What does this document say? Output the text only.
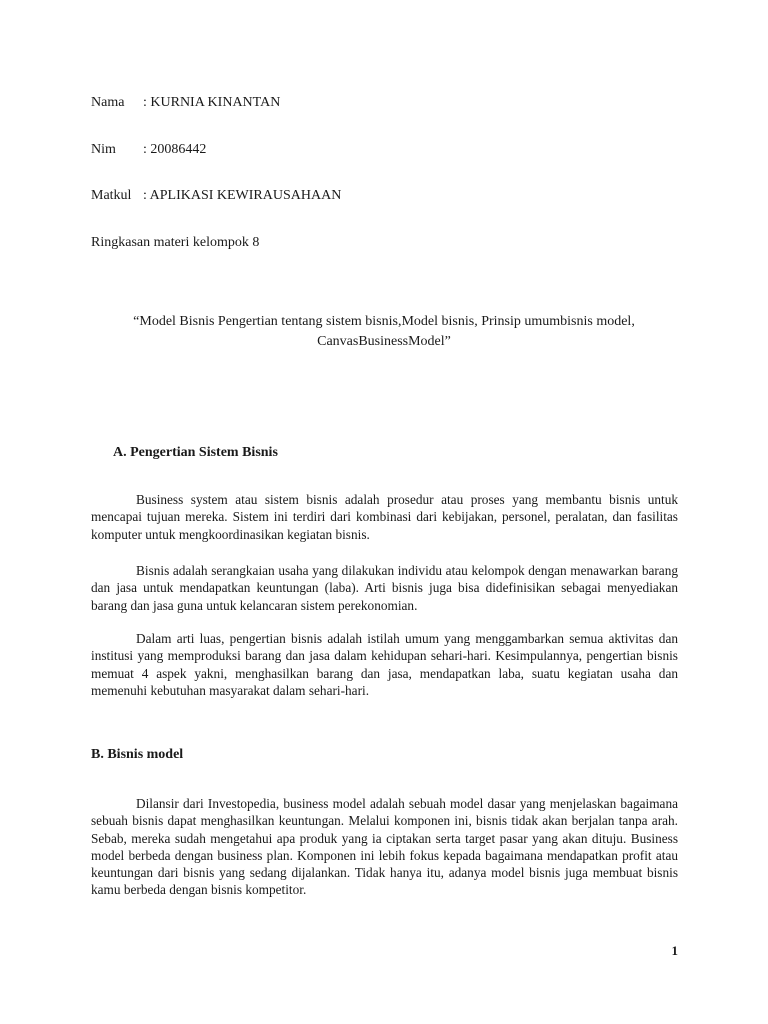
Nama : KURNIA KINANTAN
Nim : 20086442
Matkul : APLIKASI KEWIRAUSAHAAN
Ringkasan materi kelompok 8
“Model Bisnis Pengertian tentang sistem bisnis,Model bisnis, Prinsip umumbisnis model,
CanvasBusinessModel”
A. Pengertian Sistem Bisnis

Business system atau sistem bisnis adalah prosedur atau proses yang membantu bisnis untuk mencapai tujuan mereka. Sistem ini terdiri dari kombinasi dari kebijakan, personel, peralatan, dan fasilitas komputer untuk mengkoordinasikan kegiatan bisnis.

Bisnis adalah serangkaian usaha yang dilakukan individu atau kelompok dengan menawarkan barang dan jasa untuk mendapatkan keuntungan (laba). Arti bisnis juga bisa didefinisikan sebagai menyediakan barang dan jasa guna untuk kelancaran sistem perekonomian.

Dalam arti luas, pengertian bisnis adalah istilah umum yang menggambarkan semua aktivitas dan institusi yang memproduksi barang dan jasa dalam kehidupan sehari-hari. Kesimpulannya, pengertian bisnis memuat 4 aspek yakni, menghasilkan barang dan jasa, mendapatkan laba, suatu kegiatan usaha dan memenuhi kebutuhan masyarakat dalam sehari-hari.

B. Bisnis model

Dilansir dari Investopedia, business model adalah sebuah model dasar yang menjelaskan bagaimana sebuah bisnis dapat menghasilkan keuntungan. Melalui komponen ini, bisnis tidak akan berjalan tanpa arah. Sebab, mereka sudah mengetahui apa produk yang ia ciptakan serta target pasar yang akan dituju. Business model berbeda dengan business plan. Komponen ini lebih fokus kepada bagaimana mendapatkan profit atau keuntungan dari bisnis yang sedang dijalankan. Tidak hanya itu, adanya model bisnis juga membuat bisnis kamu berbeda dengan bisnis kompetitor.

1
